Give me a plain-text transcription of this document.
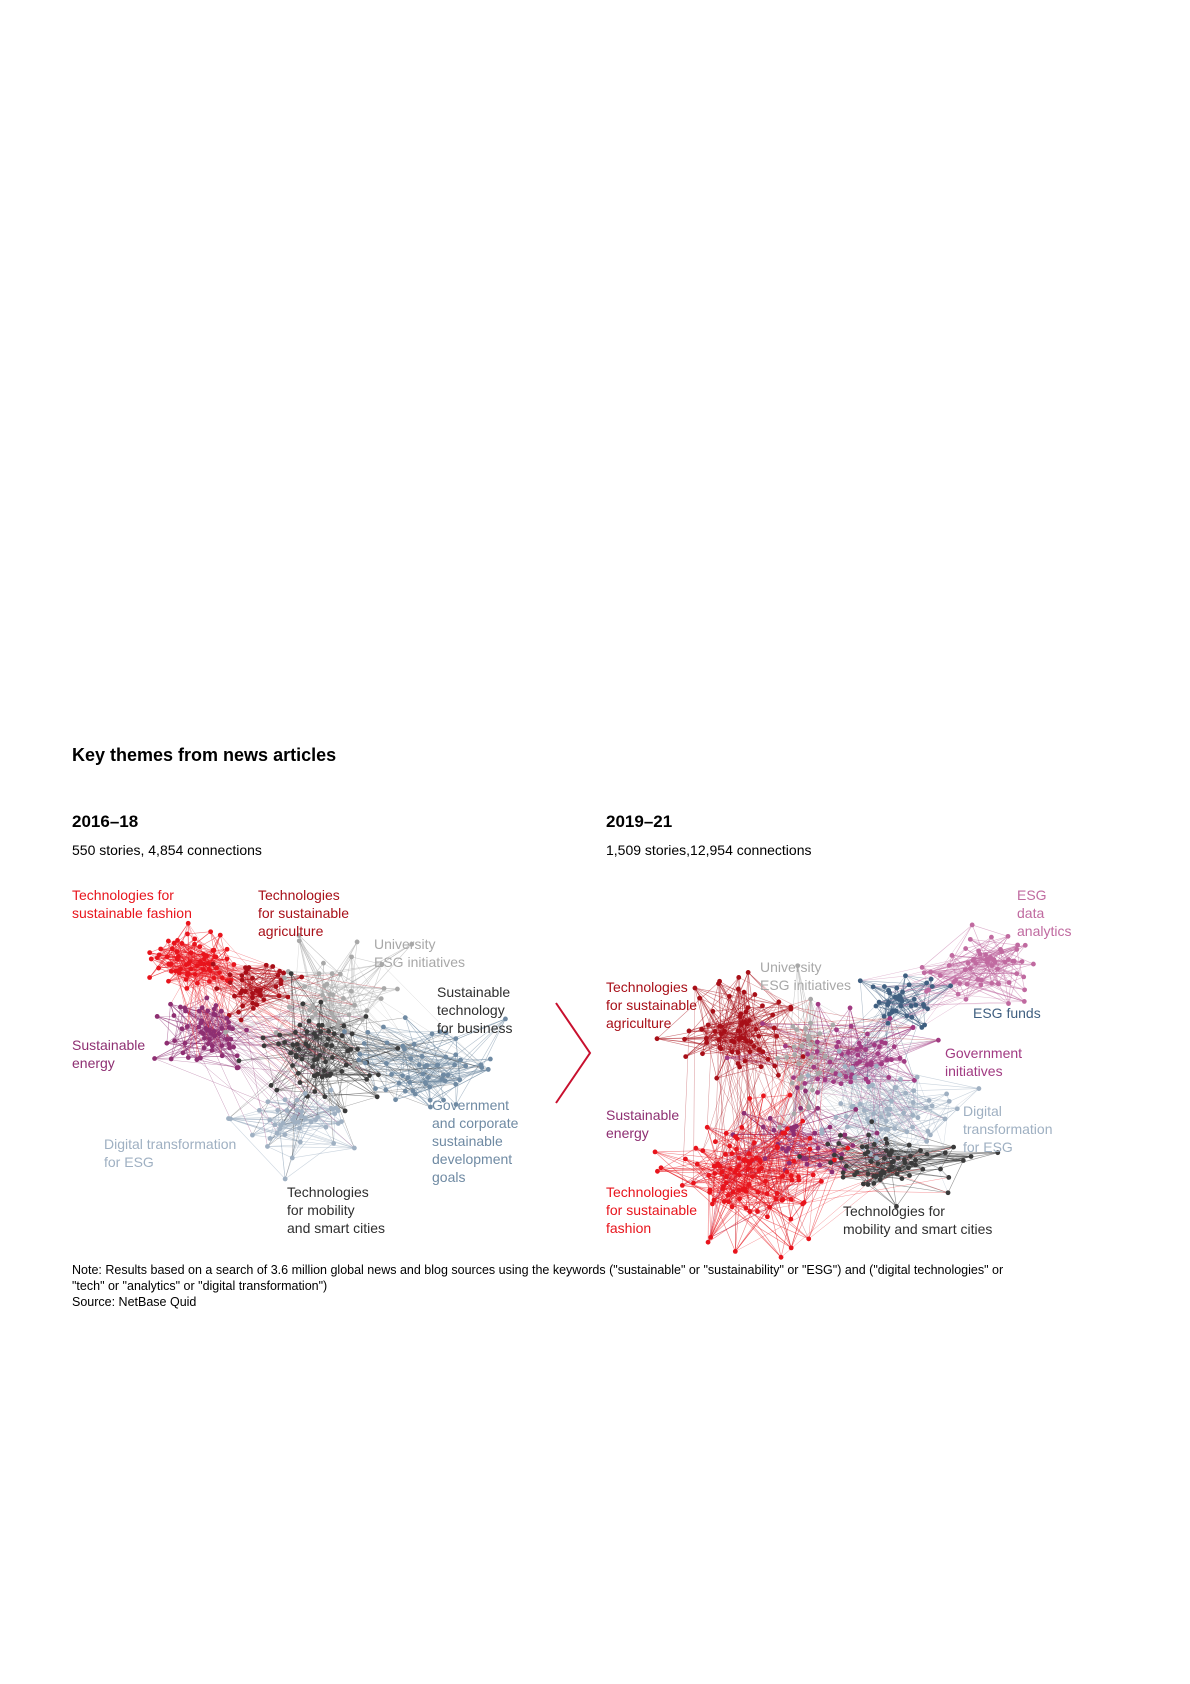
Key themes from news articles
2016–18
550 stories, 4,854 connections
2019–21
1,509 stories,12,954 connections
Technologies for
sustainable fashion
Technologies
for sustainable
agriculture
University
ESG initiatives
Sustainable
technology
for business
Sustainable
energy
Government
and corporate
sustainable
development
goals
Digital transformation
for ESG
Technologies
for mobility
and smart cities
ESG
data
analytics
University
ESG initiatives
Technologies
for sustainable
agriculture
ESG funds
Government
initiatives
Sustainable
energy
Digital
transformation
for ESG
Technologies
for sustainable
fashion
Technologies for
mobility and smart cities
Note: Results based on a search of 3.6 million global news and blog sources using the keywords ("sustainable" or "sustainability" or "ESG") and ("digital technologies" or "tech" or "analytics" or "digital transformation")
Source: NetBase Quid
